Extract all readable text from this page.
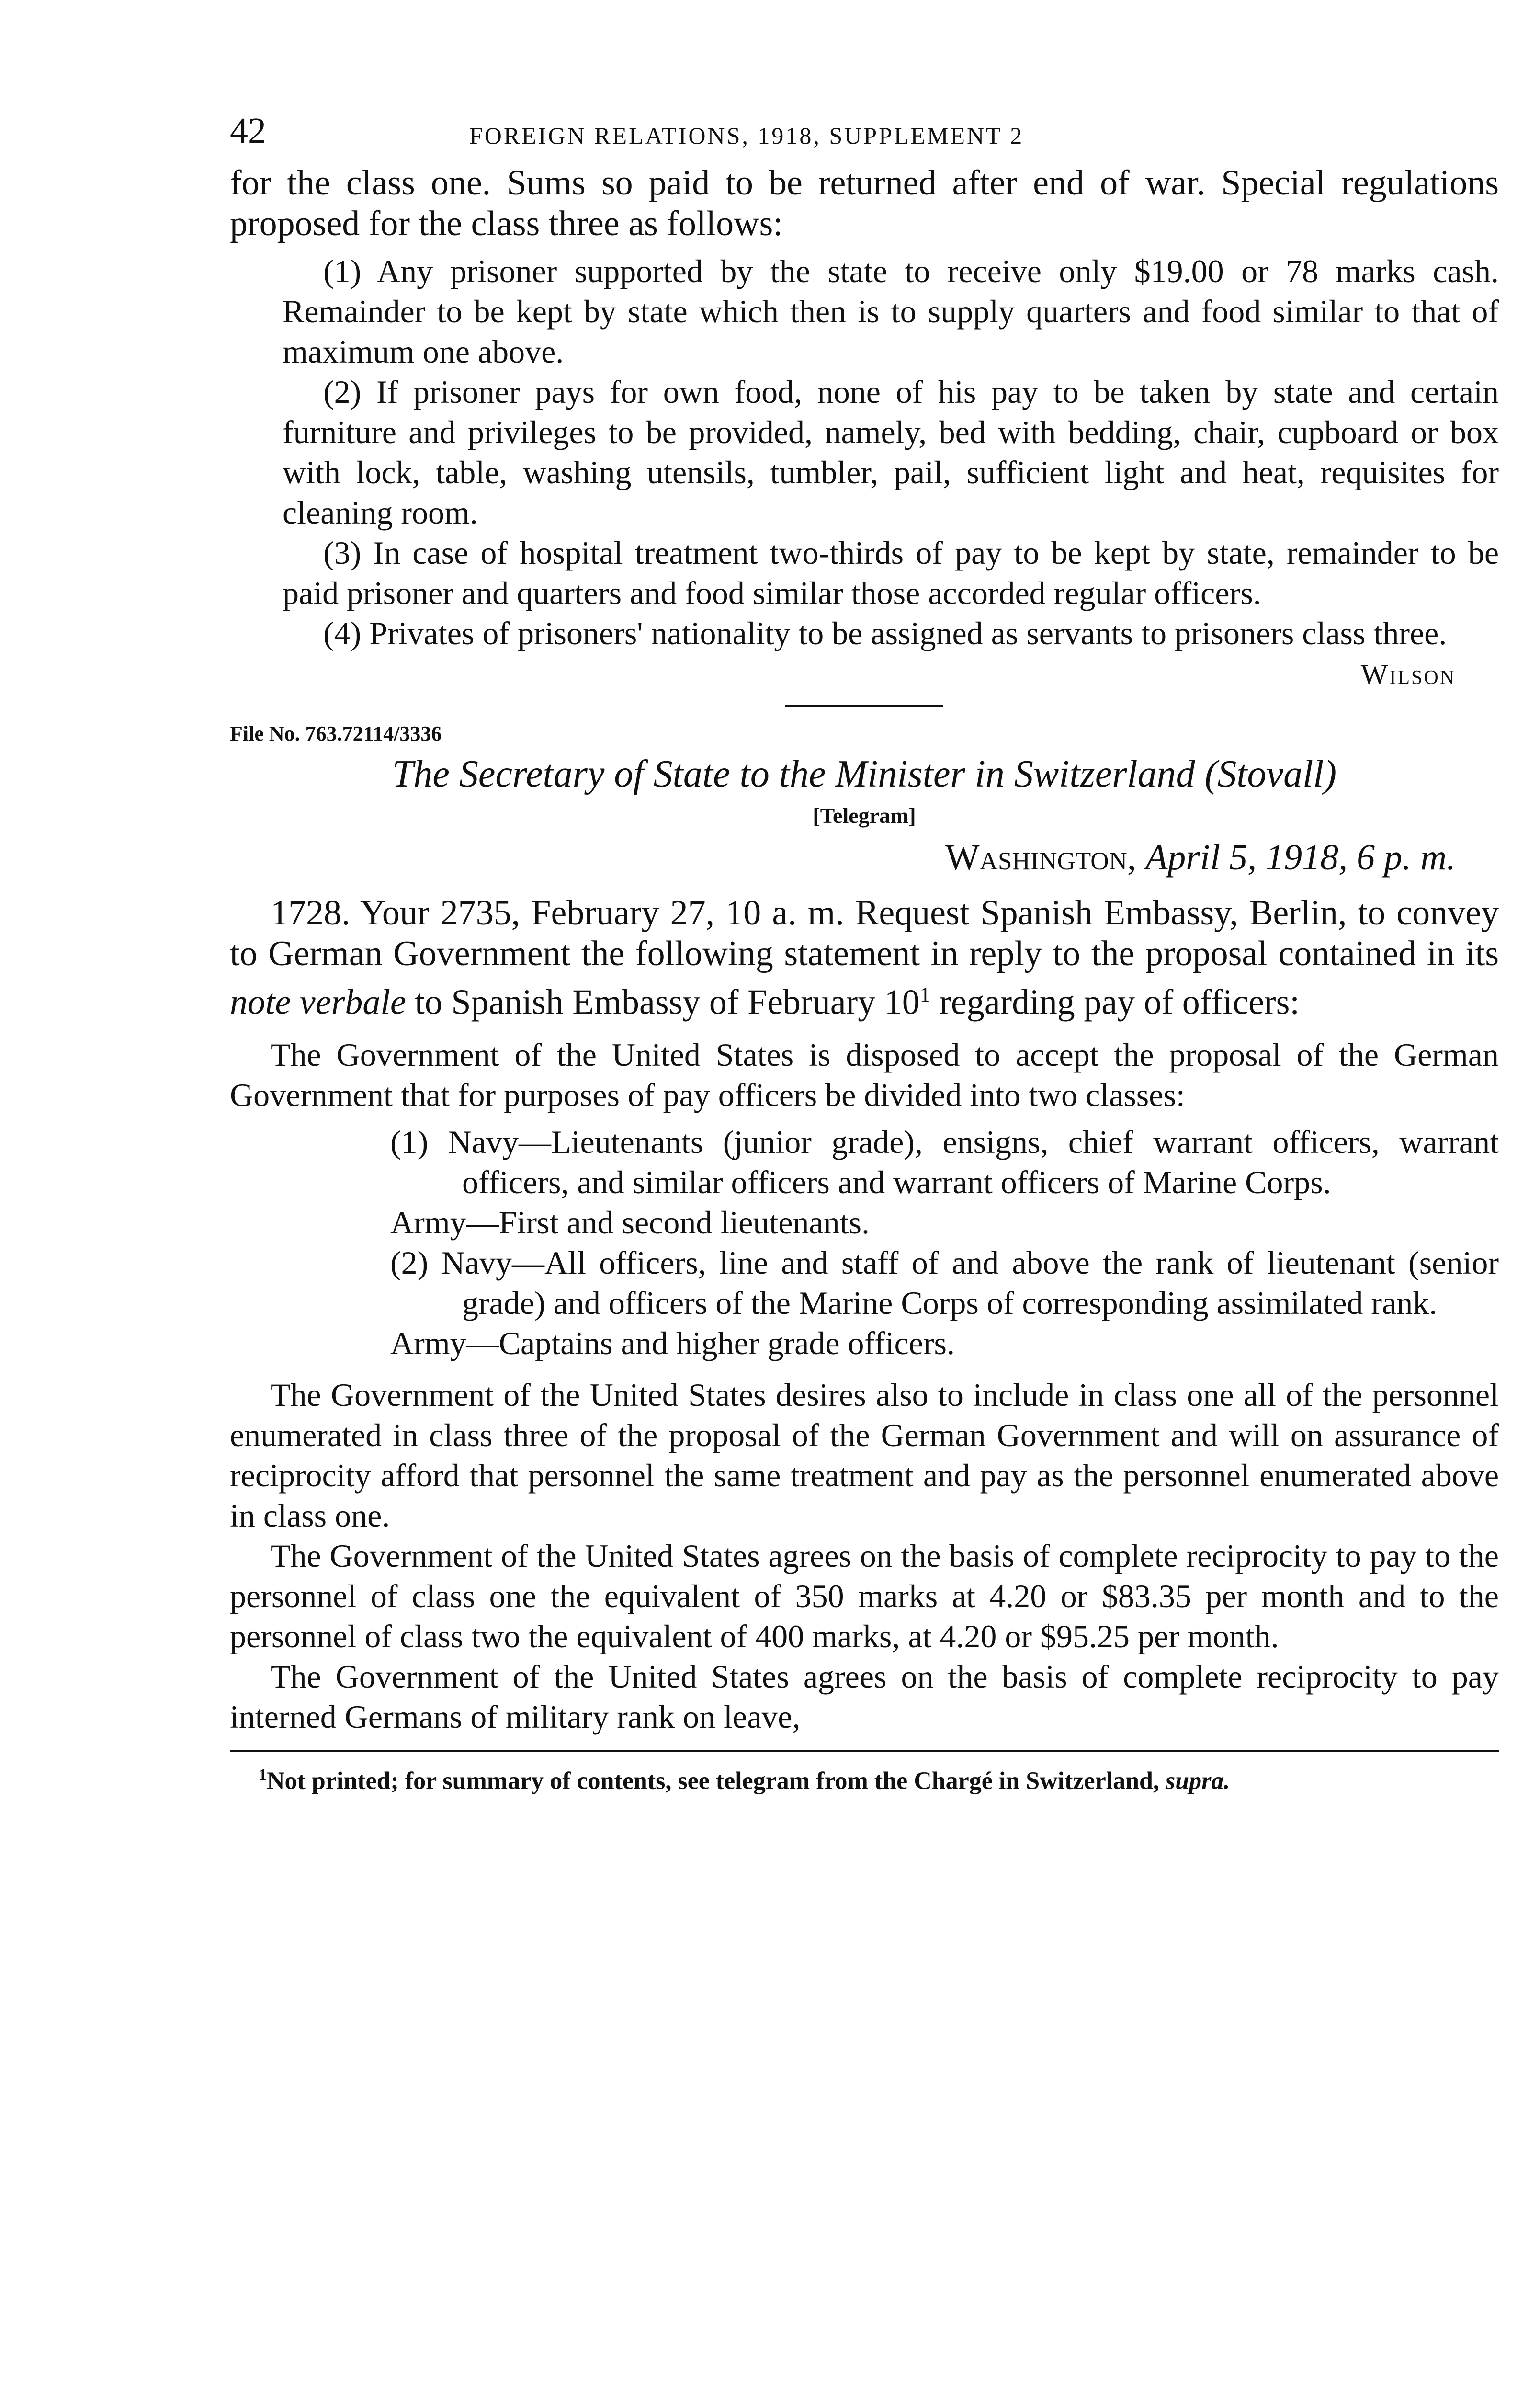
42	FOREIGN RELATIONS, 1918, SUPPLEMENT 2

for the class one. Sums so paid to be returned after end of war. Special regulations proposed for the class three as follows:

(1) Any prisoner supported by the state to receive only $19.00 or 78 marks cash. Remainder to be kept by state which then is to supply quarters and food similar to that of maximum one above.

(2) If prisoner pays for own food, none of his pay to be taken by state and certain furniture and privileges to be provided, namely, bed with bedding, chair, cupboard or box with lock, table, washing utensils, tumbler, pail, sufficient light and heat, requisites for cleaning room.

(3) In case of hospital treatment two-thirds of pay to be kept by state, remainder to be paid prisoner and quarters and food similar those accorded regular officers.

(4) Privates of prisoners' nationality to be assigned as servants to prisoners class three.

Wilson

File No. 763.72114/3336

The Secretary of State to the Minister in Switzerland (Stovall)

[Telegram]

Washington, April 5, 1918, 6 p. m.

1728. Your 2735, February 27, 10 a. m. Request Spanish Embassy, Berlin, to convey to German Government the following statement in reply to the proposal contained in its note verbale to Spanish Embassy of February $10^1$ regarding pay of officers:

The Government of the United States is disposed to accept the proposal of the German Government that for purposes of pay officers be divided into two classes:

(1) Navy—Lieutenants (junior grade), ensigns, chief warrant officers, warrant officers, and similar officers and warrant officers of Marine Corps.

Army—First and second lieutenants.

(2) Navy—All officers, line and staff of and above the rank of lieutenant (senior grade) and officers of the Marine Corps of corresponding assimilated rank.

Army—Captains and higher grade officers.

The Government of the United States desires also to include in class one all of the personnel enumerated in class three of the proposal of the German Government and will on assurance of reciprocity afford that personnel the same treatment and pay as the personnel enumerated above in class one.

The Government of the United States agrees on the basis of complete reciprocity to pay to the personnel of class one the equivalent of 350 marks at 4.20 or $83.35 per month and to the personnel of class two the equivalent of 400 marks, at 4.20 or $95.25 per month.

The Government of the United States agrees on the basis of complete reciprocity to pay interned Germans of military rank on leave,

$^1$Not printed; for summary of contents, see telegram from the Chargé in Switzerland, supra.
